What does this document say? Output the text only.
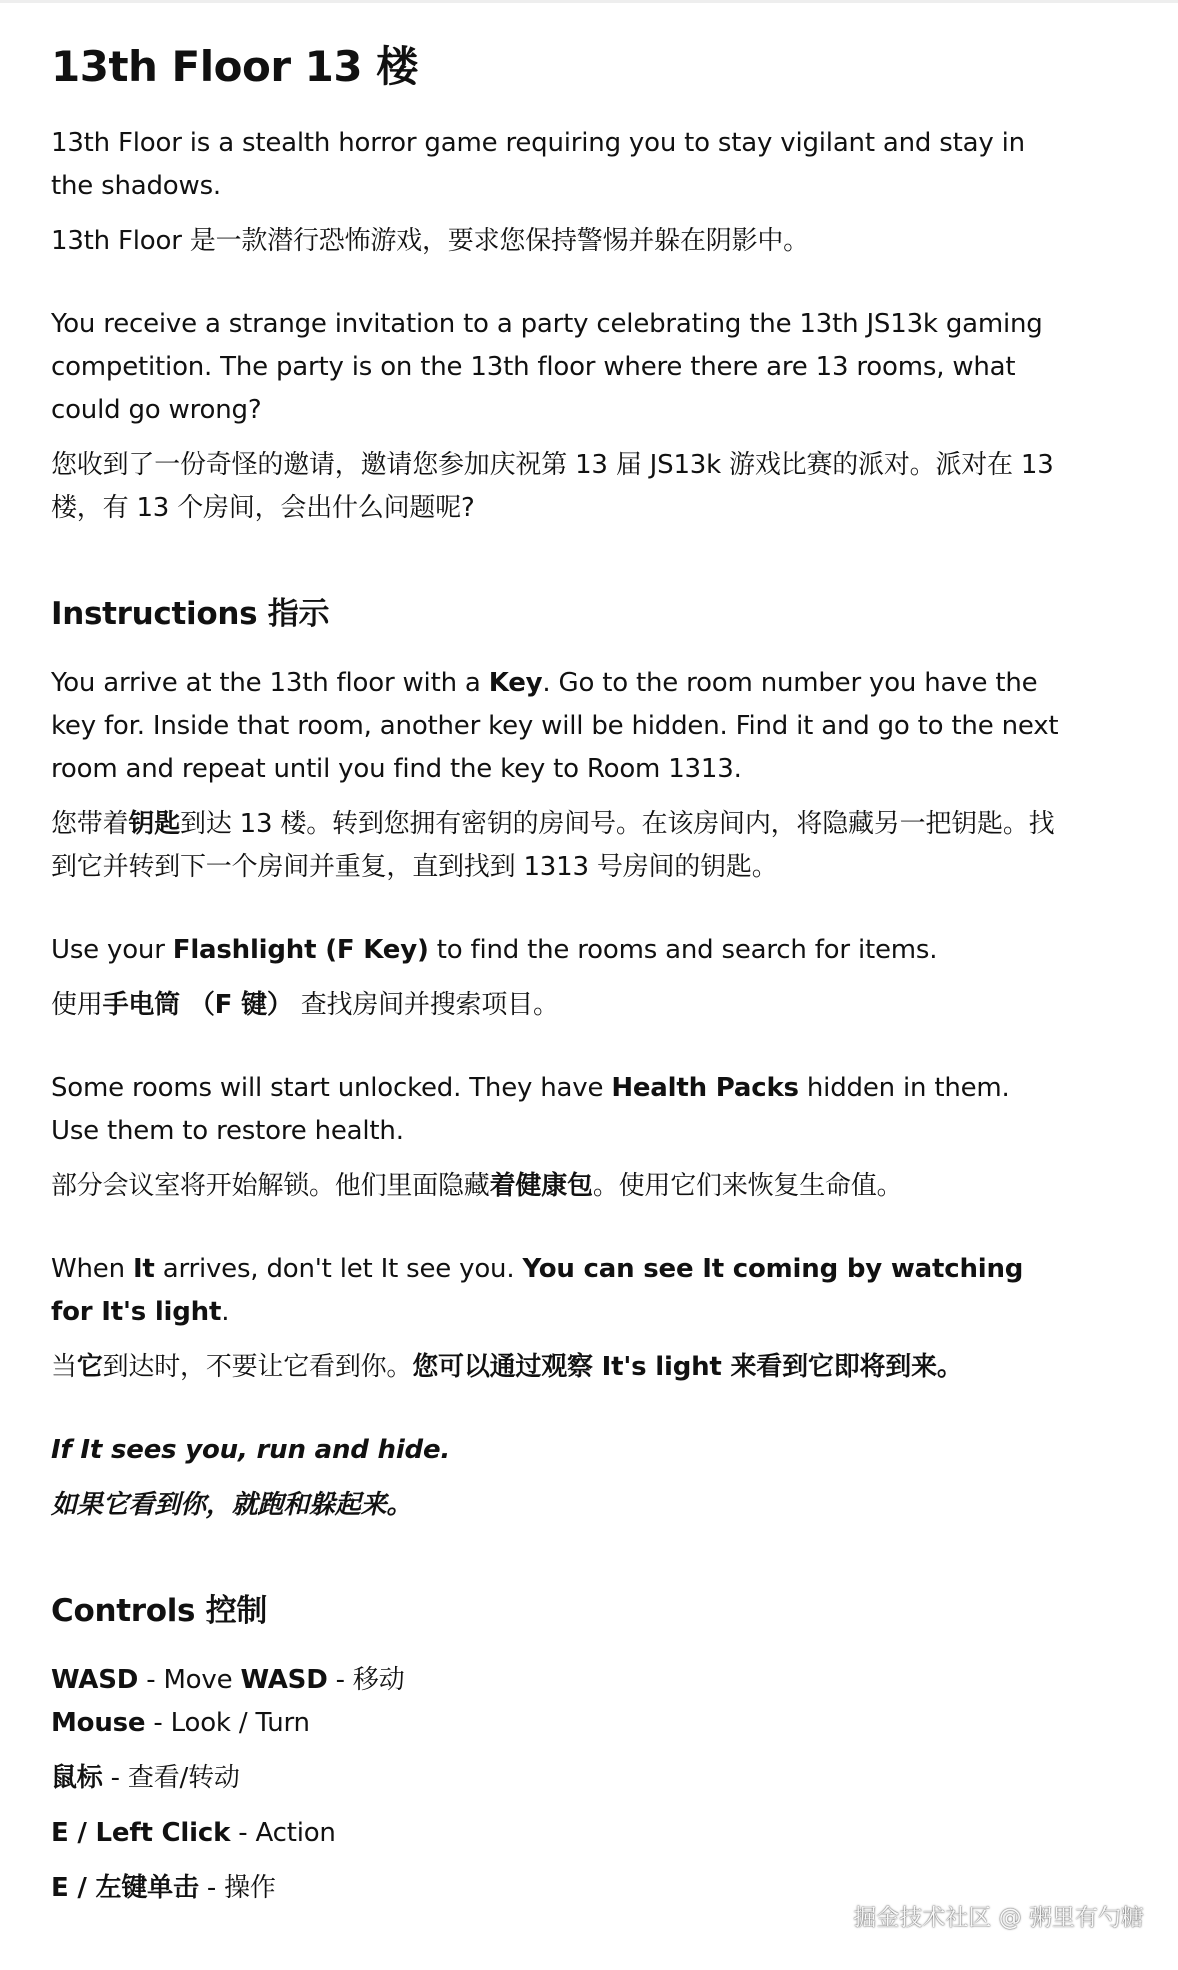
13th Floor 13 楼

13th Floor is a stealth horror game requiring you to stay vigilant and stay in the shadows.

13th Floor 是一款潜行恐怖游戏，要求您保持警惕并躲在阴影中。

You receive a strange invitation to a party celebrating the 13th JS13k gaming competition. The party is on the 13th floor where there are 13 rooms, what could go wrong?

您收到了一份奇怪的邀请，邀请您参加庆祝第 13 届 JS13k 游戏比赛的派对。派对在 13 楼，有 13 个房间，会出什么问题呢?

Instructions 指示

You arrive at the 13th floor with a Key. Go to the room number you have the key for. Inside that room, another key will be hidden. Find it and go to the next room and repeat until you find the key to Room 1313.

您带着钥匙到达 13 楼。转到您拥有密钥的房间号。在该房间内，将隐藏另一把钥匙。找到它并转到下一个房间并重复，直到找到 1313 号房间的钥匙。

Use your Flashlight (F Key) to find the rooms and search for items.

使用手电筒 （F 键） 查找房间并搜索项目。

Some rooms will start unlocked. They have Health Packs hidden in them. Use them to restore health.

部分会议室将开始解锁。他们里面隐藏着健康包。使用它们来恢复生命值。

When It arrives, don't let It see you. You can see It coming by watching for It's light.

当它到达时，不要让它看到你。您可以通过观察 It's light 来看到它即将到来。

If It sees you, run and hide.

如果它看到你，就跑和躲起来。

Controls 控制

WASD - Move WASD - 移动

Mouse - Look / Turn

鼠标 - 查看/转动

E / Left Click - Action

E / 左键单击 - 操作

掘金技术社区 @ 粥里有勺糖
